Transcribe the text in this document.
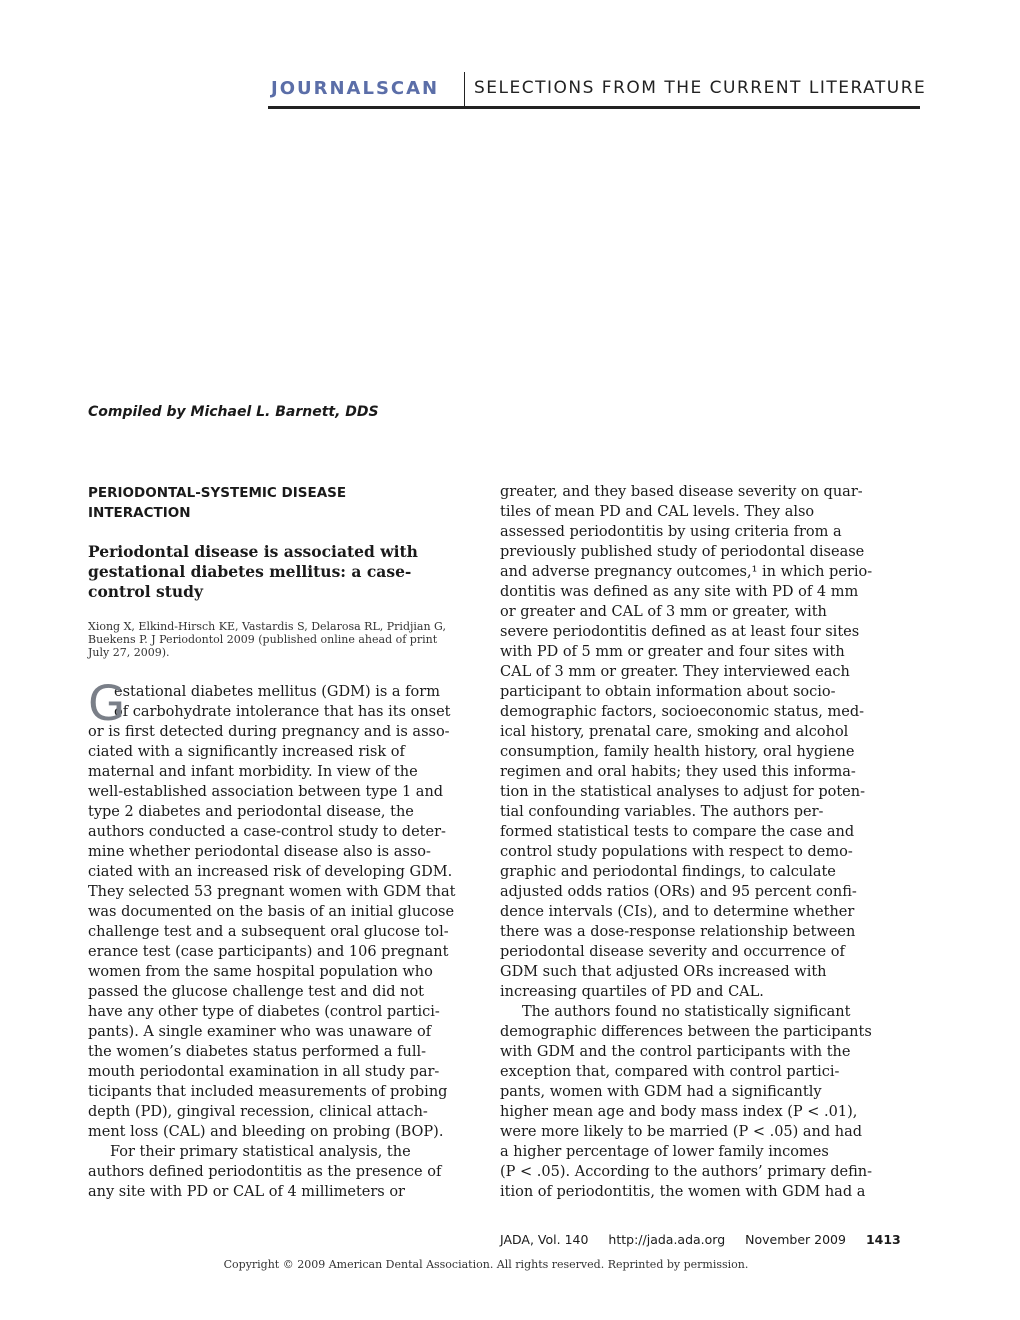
JOURNALSCAN SELECTIONS FROM THE CURRENT LITERATURE
Compiled by Michael L. Barnett, DDS
PERIODONTAL-SYSTEMIC DISEASE
INTERACTION
Periodontal disease is associated with
gestational diabetes mellitus: a case-
control study
Xiong X, Elkind-Hirsch KE, Vastardis S, Delarosa RL, Pridjian G,
Buekens P. J Periodontol 2009 (published online ahead of print
July 27, 2009).
G

estational diabetes mellitus (GDM) is a form

of carbohydrate intolerance that has its onset

or is first detected during pregnancy and is asso-

ciated with a significantly increased risk of

maternal and infant morbidity. In view of the

well-established association between type 1 and

type 2 diabetes and periodontal disease, the

authors conducted a case-control study to deter-

mine whether periodontal disease also is asso-

ciated with an increased risk of developing GDM.

They selected 53 pregnant women with GDM that

was documented on the basis of an initial glucose

challenge test and a subsequent oral glucose tol-

erance test (case participants) and 106 pregnant

women from the same hospital population who

passed the glucose challenge test and did not

have any other type of diabetes (control partici-

pants). A single examiner who was unaware of

the women’s diabetes status performed a full-

mouth periodontal examination in all study par-

ticipants that included measurements of probing

depth (PD), gingival recession, clinical attach-

ment loss (CAL) and bleeding on probing (BOP).

For their primary statistical analysis, the

authors defined periodontitis as the presence of

any site with PD or CAL of 4 millimeters or

greater, and they based disease severity on quar-

tiles of mean PD and CAL levels. They also

assessed periodontitis by using criteria from a

previously published study of periodontal disease

and adverse pregnancy outcomes,¹ in which perio-

dontitis was defined as any site with PD of 4 mm

or greater and CAL of 3 mm or greater, with

severe periodontitis defined as at least four sites

with PD of 5 mm or greater and four sites with

CAL of 3 mm or greater. They interviewed each

participant to obtain information about socio-

demographic factors, socioeconomic status, med-

ical history, prenatal care, smoking and alcohol

consumption, family health history, oral hygiene

regimen and oral habits; they used this informa-

tion in the statistical analyses to adjust for poten-

tial confounding variables. The authors per-

formed statistical tests to compare the case and

control study populations with respect to demo-

graphic and periodontal findings, to calculate

adjusted odds ratios (ORs) and 95 percent confi-

dence intervals (CIs), and to determine whether

there was a dose-response relationship between

periodontal disease severity and occurrence of

GDM such that adjusted ORs increased with

increasing quartiles of PD and CAL.

The authors found no statistically significant

demographic differences between the participants

with GDM and the control participants with the

exception that, compared with control partici-

pants, women with GDM had a significantly

higher mean age and body mass index (P < .01),

were more likely to be married (P < .05) and had

a higher percentage of lower family incomes

(P < .05). According to the authors’ primary defin-

ition of periodontitis, the women with GDM had a

JADA, Vol. 140 http://jada.ada.org November 2009 1413
Copyright © 2009 American Dental Association. All rights reserved. Reprinted by permission.
